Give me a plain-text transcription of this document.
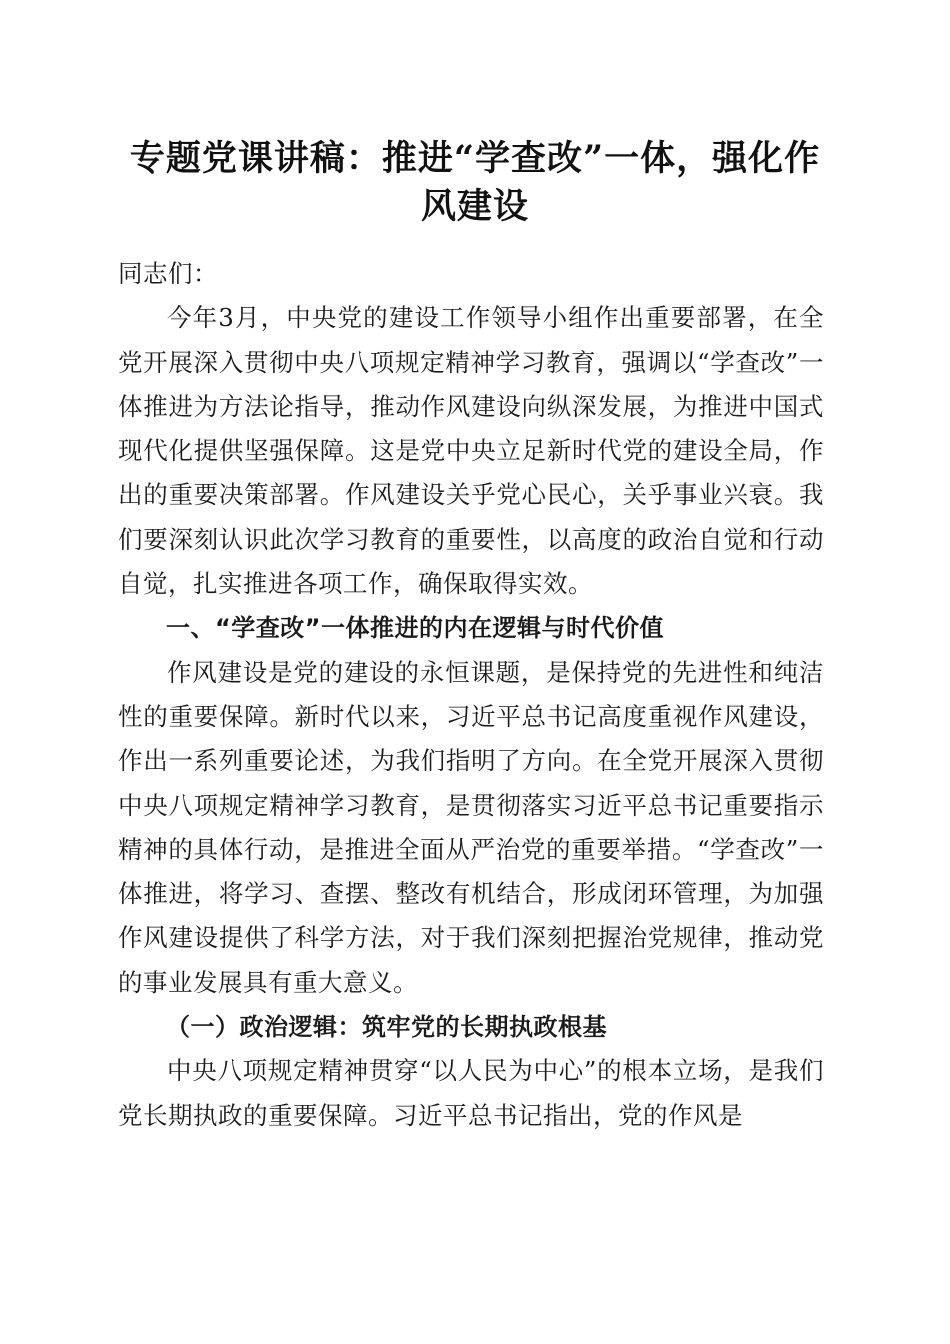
专题党课讲稿：推进“学查改”一体，强化作风建设

同志们：

今年3月，中央党的建设工作领导小组作出重要部署，在全党开展深入贯彻中央八项规定精神学习教育，强调以“学查改”一体推进为方法论指导，推动作风建设向纵深发展，为推进中国式现代化提供坚强保障。这是党中央立足新时代党的建设全局，作出的重要决策部署。作风建设关乎党心民心，关乎事业兴衰。我们要深刻认识此次学习教育的重要性，以高度的政治自觉和行动自觉，扎实推进各项工作，确保取得实效。

一、“学查改”一体推进的内在逻辑与时代价值

作风建设是党的建设的永恒课题，是保持党的先进性和纯洁性的重要保障。新时代以来，习近平总书记高度重视作风建设，作出一系列重要论述，为我们指明了方向。在全党开展深入贯彻中央八项规定精神学习教育，是贯彻落实习近平总书记重要指示精神的具体行动，是推进全面从严治党的重要举措。“学查改”一体推进，将学习、查摆、整改有机结合，形成闭环管理，为加强作风建设提供了科学方法，对于我们深刻把握治党规律，推动党的事业发展具有重大意义。

（一）政治逻辑：筑牢党的长期执政根基

中央八项规定精神贯穿“以人民为中心”的根本立场，是我们党长期执政的重要保障。习近平总书记指出，党的作风是
